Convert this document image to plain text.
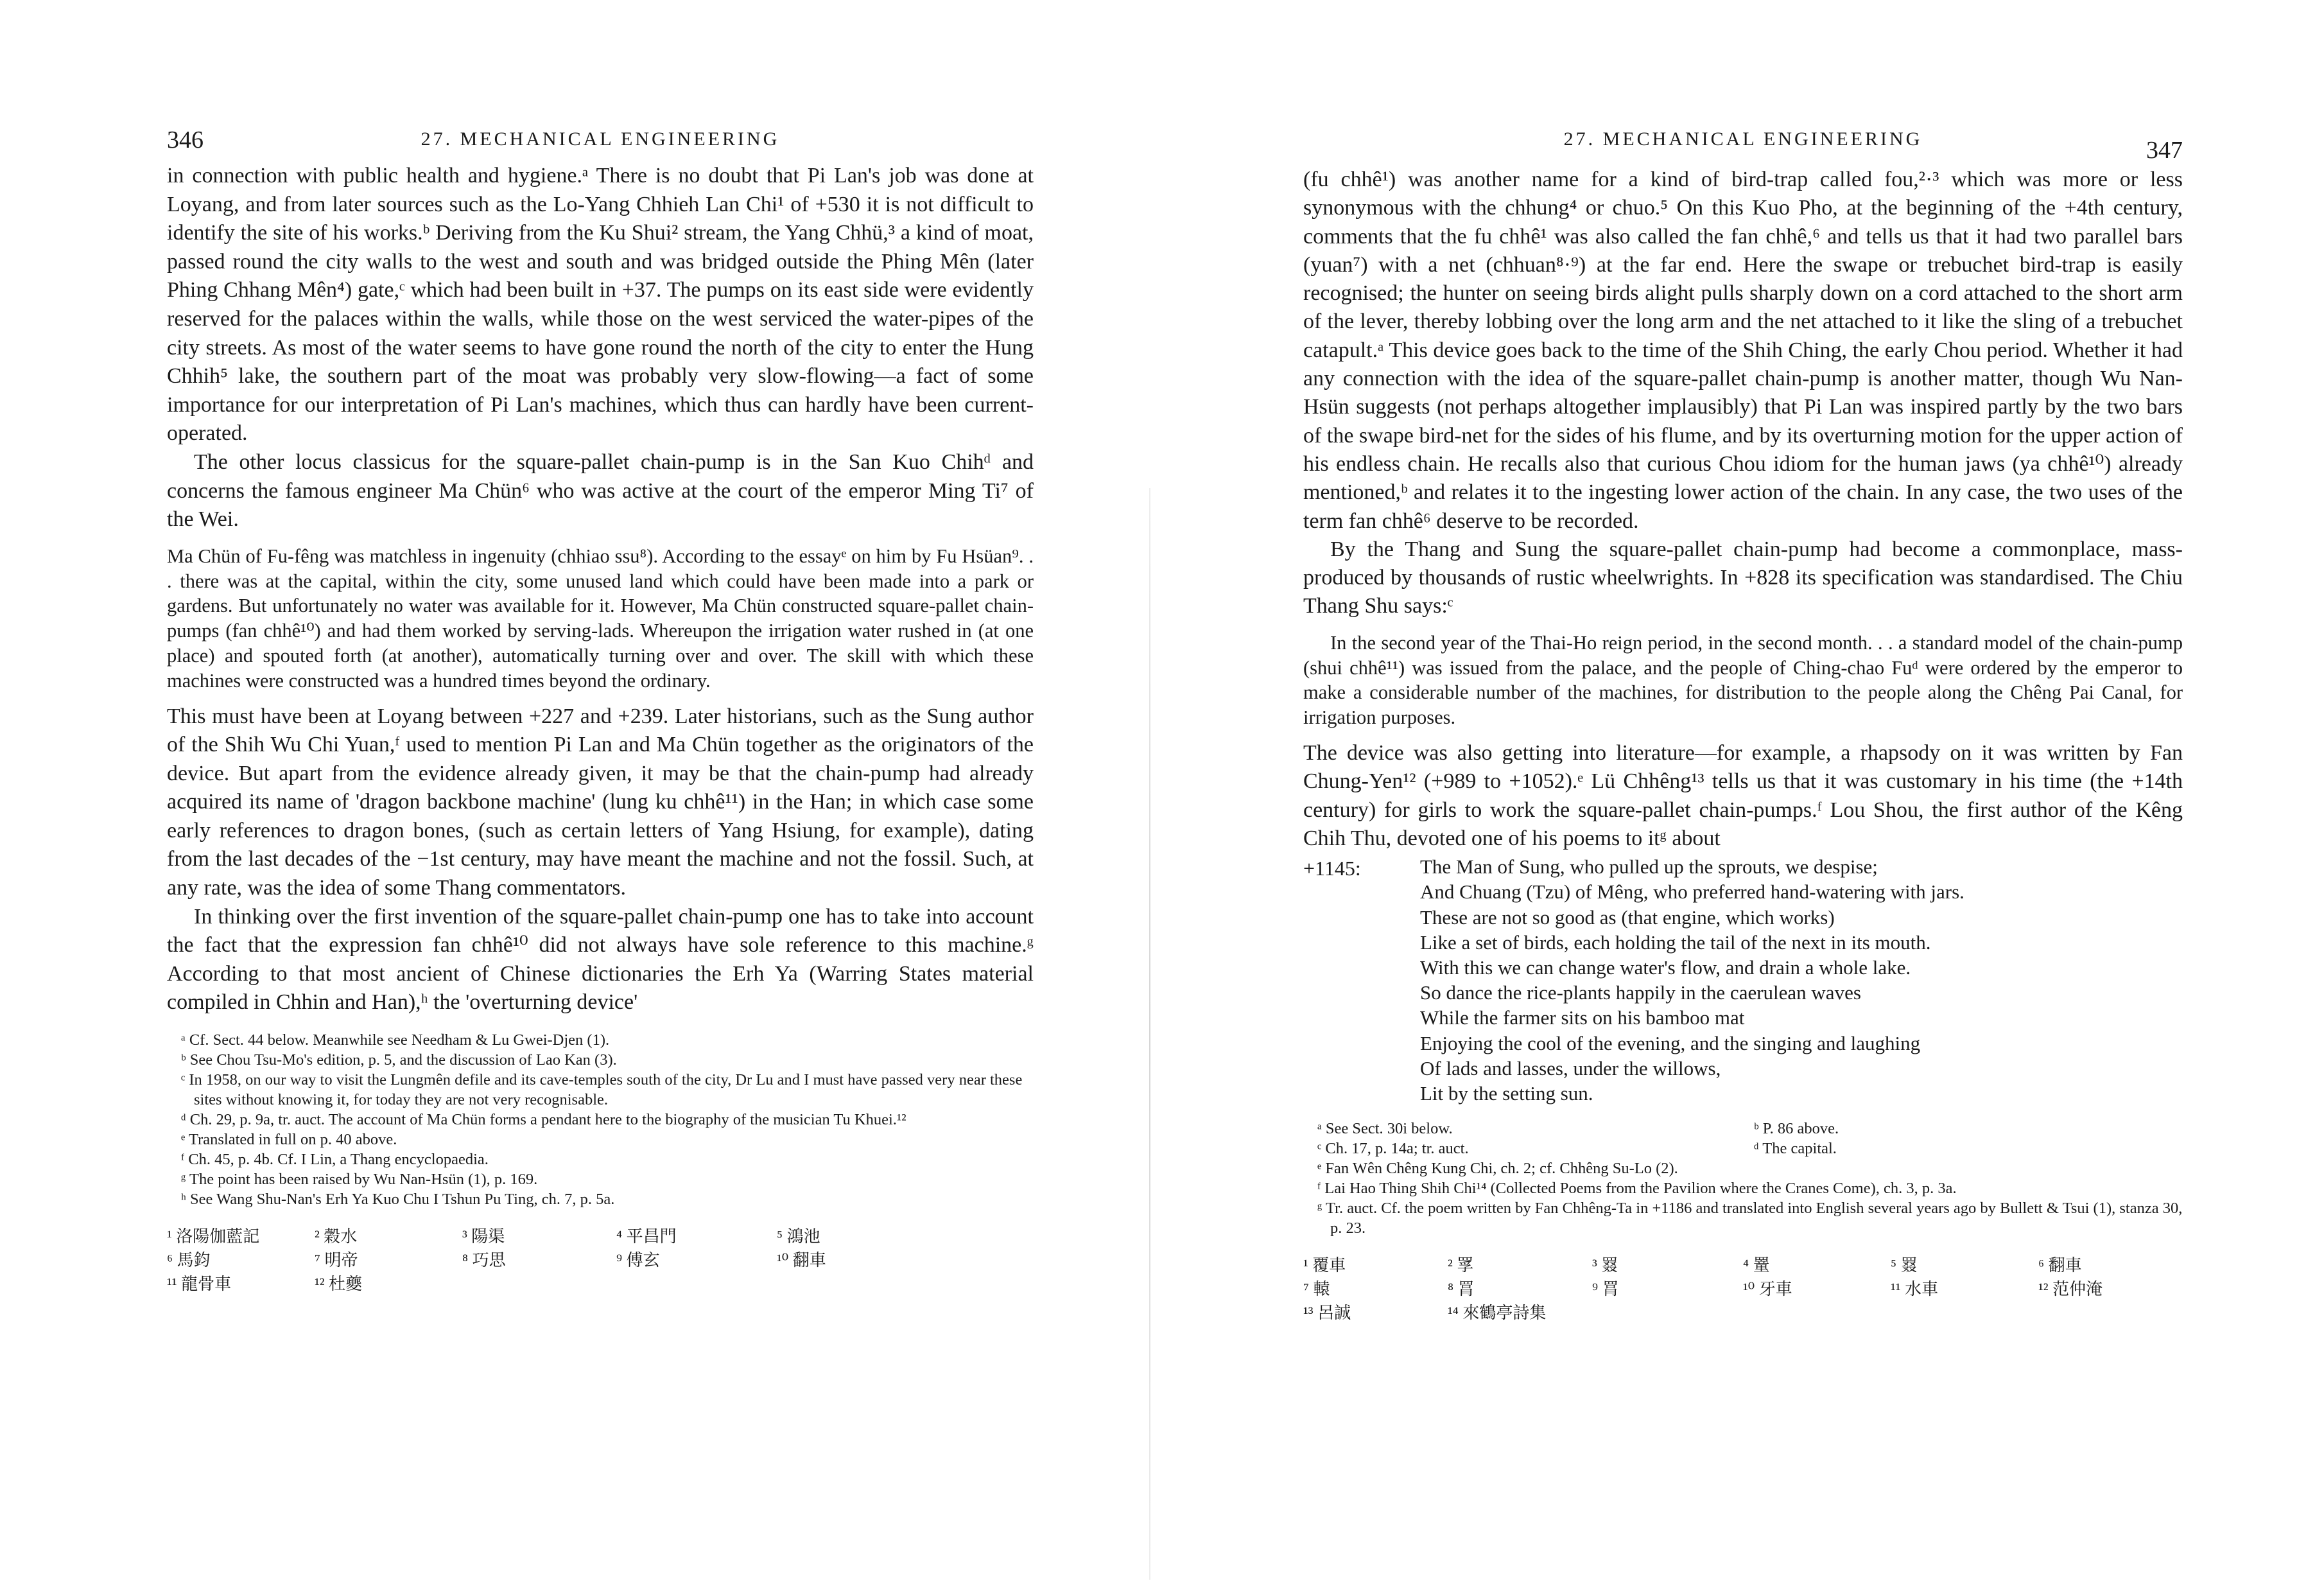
346	27. MECHANICAL ENGINEERING

in connection with public health and hygiene.ᵃ There is no doubt that Pi Lan's job was done at Loyang, and from later sources such as the Lo-Yang Chhieh Lan Chi¹ of +530 it is not difficult to identify the site of his works.ᵇ Deriving from the Ku Shui² stream, the Yang Chhü,³ a kind of moat, passed round the city walls to the west and south and was bridged outside the Phing Mên (later Phing Chhang Mên⁴) gate,ᶜ which had been built in +37. The pumps on its east side were evidently reserved for the palaces within the walls, while those on the west serviced the water-pipes of the city streets. As most of the water seems to have gone round the north of the city to enter the Hung Chhih⁵ lake, the southern part of the moat was probably very slow-flowing—a fact of some importance for our interpretation of Pi Lan's machines, which thus can hardly have been current-operated.

The other locus classicus for the square-pallet chain-pump is in the San Kuo Chihᵈ and concerns the famous engineer Ma Chün⁶ who was active at the court of the emperor Ming Ti⁷ of the Wei.

Ma Chün of Fu-fêng was matchless in ingenuity (chhiao ssu⁸). According to the essayᵉ on him by Fu Hsüan⁹. . . there was at the capital, within the city, some unused land which could have been made into a park or gardens. But unfortunately no water was available for it. However, Ma Chün constructed square-pallet chain-pumps (fan chhê¹⁰) and had them worked by serving-lads. Whereupon the irrigation water rushed in (at one place) and spouted forth (at another), automatically turning over and over. The skill with which these machines were constructed was a hundred times beyond the ordinary.

This must have been at Loyang between +227 and +239. Later historians, such as the Sung author of the Shih Wu Chi Yuan,ᶠ used to mention Pi Lan and Ma Chün together as the originators of the device. But apart from the evidence already given, it may be that the chain-pump had already acquired its name of 'dragon backbone machine' (lung ku chhê¹¹) in the Han; in which case some early references to dragon bones, (such as certain letters of Yang Hsiung, for example), dating from the last decades of the −1st century, may have meant the machine and not the fossil. Such, at any rate, was the idea of some Thang commentators.

In thinking over the first invention of the square-pallet chain-pump one has to take into account the fact that the expression fan chhê¹⁰ did not always have sole reference to this machine.ᵍ According to that most ancient of Chinese dictionaries the Erh Ya (Warring States material compiled in Chhin and Han),ʰ the 'overturning device'

ᵃ Cf. Sect. 44 below. Meanwhile see Needham & Lu Gwei-Djen (1).
ᵇ See Chou Tsu-Mo's edition, p. 5, and the discussion of Lao Kan (3).
ᶜ In 1958, on our way to visit the Lungmên defile and its cave-temples south of the city, Dr Lu and I must have passed very near these sites without knowing it, for today they are not very recognisable.
ᵈ Ch. 29, p. 9a, tr. auct. The account of Ma Chün forms a pendant here to the biography of the musician Tu Khuei.¹²
ᵉ Translated in full on p. 40 above.
ᶠ Ch. 45, p. 4b. Cf. I Lin, a Thang encyclopaedia.
ᵍ The point has been raised by Wu Nan-Hsün (1), p. 169.
ʰ See Wang Shu-Nan's Erh Ya Kuo Chu I Tshun Pu Ting, ch. 7, p. 5a.
¹ 洛陽伽藍記	² 穀水	³ 陽渠	⁴ 平昌門	⁵ 鴻池
⁶ 馬鈞	⁷ 明帝	⁸ 巧思	⁹ 傅玄	¹⁰ 翻車
¹¹ 龍骨車	¹² 杜夔
27. MECHANICAL ENGINEERING	347

(fu chhê¹) was another name for a kind of bird-trap called fou,²·³ which was more or less synonymous with the chhung⁴ or chuo.⁵ On this Kuo Pho, at the beginning of the +4th century, comments that the fu chhê¹ was also called the fan chhê,⁶ and tells us that it had two parallel bars (yuan⁷) with a net (chhuan⁸·⁹) at the far end. Here the swape or trebuchet bird-trap is easily recognised; the hunter on seeing birds alight pulls sharply down on a cord attached to the short arm of the lever, thereby lobbing over the long arm and the net attached to it like the sling of a trebuchet catapult.ᵃ This device goes back to the time of the Shih Ching, the early Chou period. Whether it had any connection with the idea of the square-pallet chain-pump is another matter, though Wu Nan-Hsün suggests (not perhaps altogether implausibly) that Pi Lan was inspired partly by the two bars of the swape bird-net for the sides of his flume, and by its overturning motion for the upper action of his endless chain. He recalls also that curious Chou idiom for the human jaws (ya chhê¹⁰) already mentioned,ᵇ and relates it to the ingesting lower action of the chain. In any case, the two uses of the term fan chhê⁶ deserve to be recorded.

By the Thang and Sung the square-pallet chain-pump had become a commonplace, mass-produced by thousands of rustic wheelwrights. In +828 its specification was standardised. The Chiu Thang Shu says:ᶜ

In the second year of the Thai-Ho reign period, in the second month. . . a standard model of the chain-pump (shui chhê¹¹) was issued from the palace, and the people of Ching-chao Fuᵈ were ordered by the emperor to make a considerable number of the machines, for distribution to the people along the Chêng Pai Canal, for irrigation purposes.

The device was also getting into literature—for example, a rhapsody on it was written by Fan Chung-Yen¹² (+989 to +1052).ᵉ Lü Chhêng¹³ tells us that it was customary in his time (the +14th century) for girls to work the square-pallet chain-pumps.ᶠ Lou Shou, the first author of the Kêng Chih Thu, devoted one of his poems to itᵍ about

+1145:	The Man of Sung, who pulled up the sprouts, we despise;
And Chuang (Tzu) of Mêng, who preferred hand-watering with jars.
These are not so good as (that engine, which works)
Like a set of birds, each holding the tail of the next in its mouth.
With this we can change water's flow, and drain a whole lake.
So dance the rice-plants happily in the caerulean waves
While the farmer sits on his bamboo mat
Enjoying the cool of the evening, and the singing and laughing
Of lads and lasses, under the willows,
Lit by the setting sun.
ᵃ See Sect. 30i below.	ᵇ P. 86 above.
ᶜ Ch. 17, p. 14a; tr. auct.	ᵈ The capital.
ᵉ Fan Wên Chêng Kung Chi, ch. 2; cf. Chhêng Su-Lo (2).
ᶠ Lai Hao Thing Shih Chi¹⁴ (Collected Poems from the Pavilion where the Cranes Come), ch. 3, p. 3a.
ᵍ Tr. auct. Cf. the poem written by Fan Chhêng-Ta in +1186 and translated into English several years ago by Bullett & Tsui (1), stanza 30, p. 23.
¹ 覆車	² 罦	³ 罬	⁴ 罿	⁵ 罬	⁶ 翻車
⁷ 轅	⁸ 罥	⁹ 罥	¹⁰ 牙車	¹¹ 水車	¹² 范仲淹
¹³ 呂誠	¹⁴ 來鶴亭詩集
